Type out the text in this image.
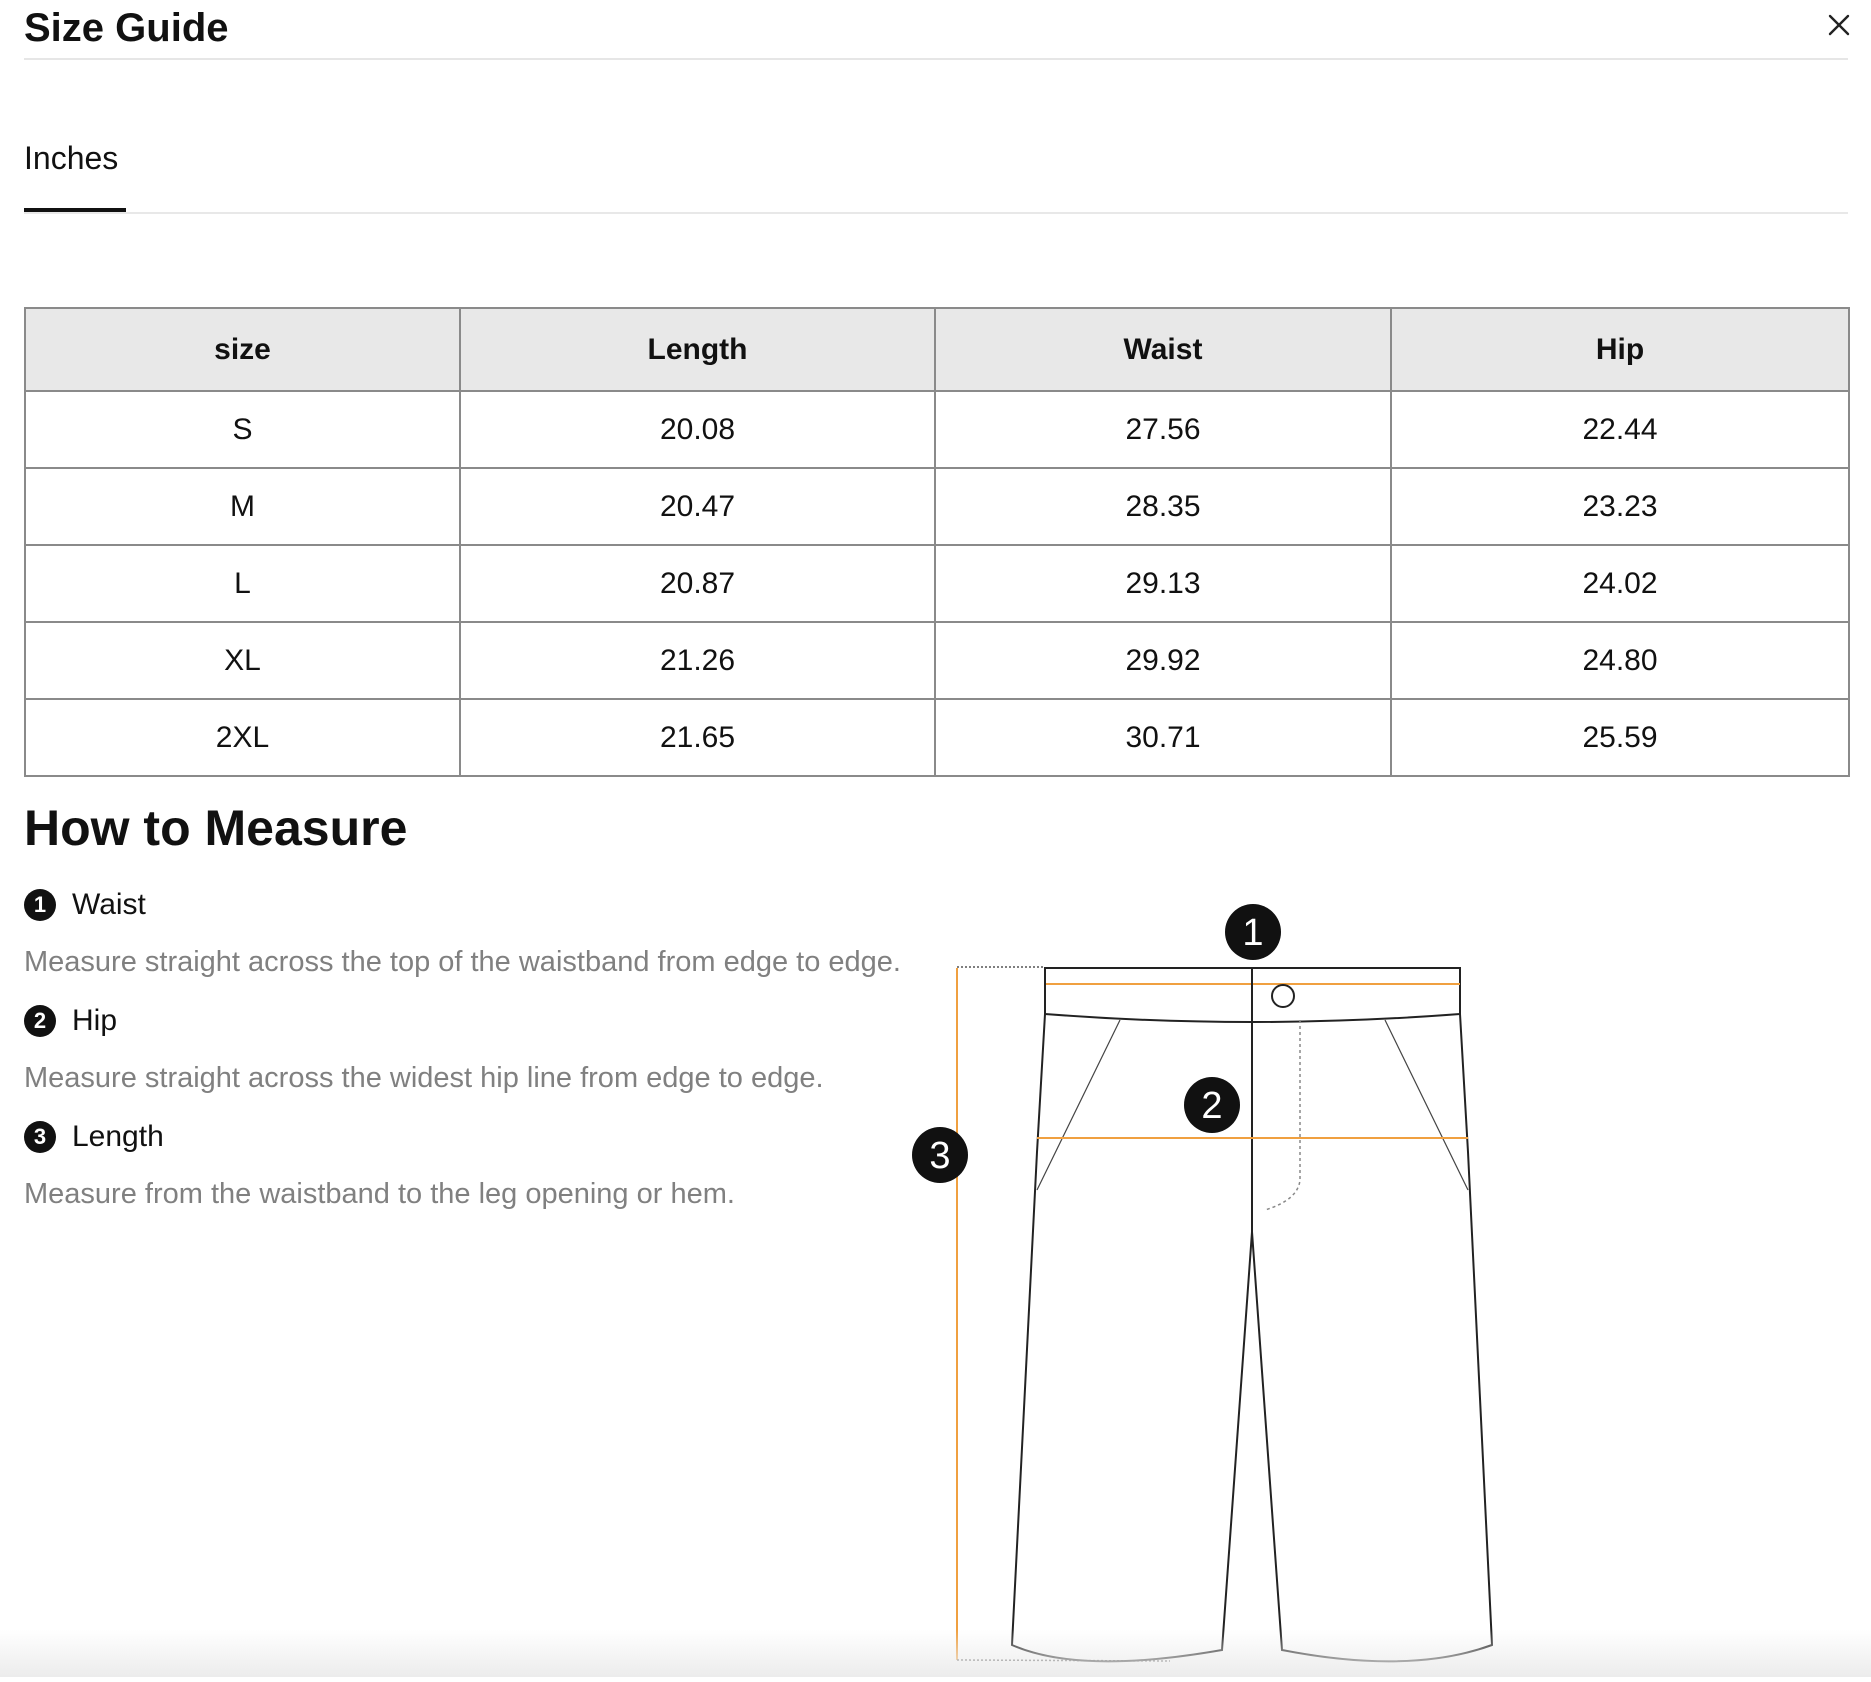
Size Guide
Inches
size	Length	Waist	Hip
S	20.08	27.56	22.44
M	20.47	28.35	23.23
L	20.87	29.13	24.02
XL	21.26	29.92	24.80
2XL	21.65	30.71	25.59
How to Measure
1 Waist
Measure straight across the top of the waistband from edge to edge.
2 Hip
Measure straight across the widest hip line from edge to edge.
3 Length
Measure from the waistband to the leg opening or hem.
1
2
3
